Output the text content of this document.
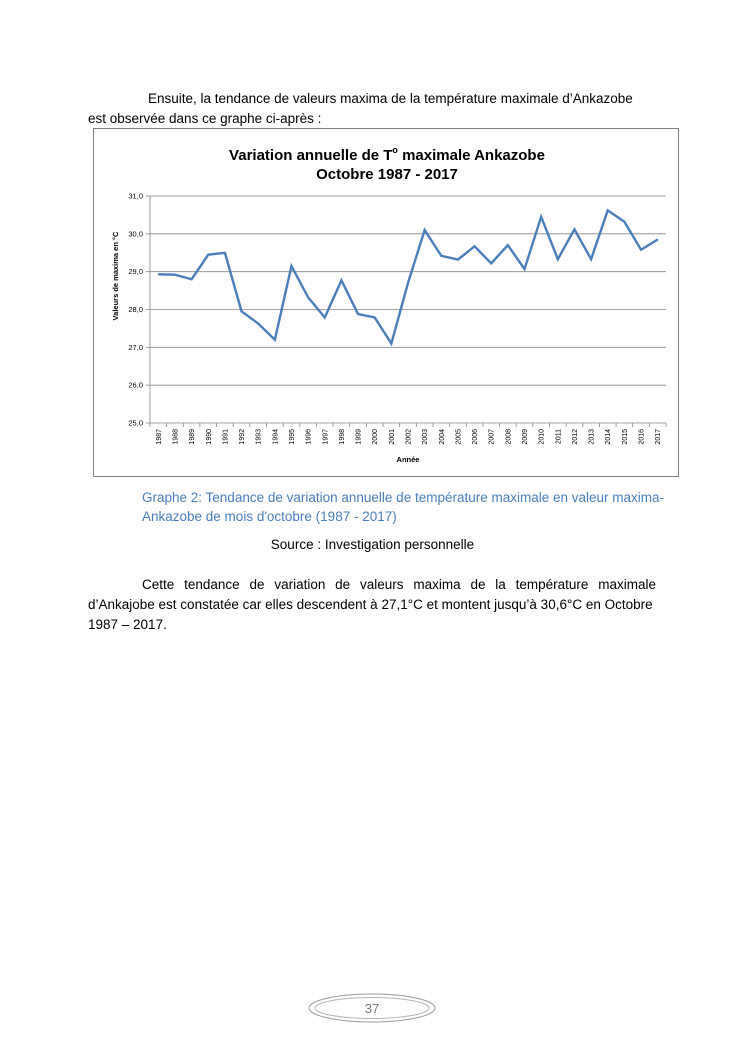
Ensuite, la tendance de valeurs maxima de la température maximale d’Ankazobe
est observée dans ce graphe ci-après :
Variation annuelle de $T^o$ maximale Ankazobe
Octobre 1987 - 2017
25,0
26,0
27,0
28,0
29,0
30,0
31,0
1987 1988 1989 1990 1991 1992 1993 1994 1995 1996 1997 1998 1999 2000 2001 2002 2003 2004 2005 2006 2007 2008 2009 2010 2011 2012 2013 2014 2015 2016 2017
Valeurs de maxima en °C
Année
Graphe 2: Tendance de variation annuelle de température maximale en valeur maxima-
Ankazobe de mois d'octobre (1987 - 2017)
Source : Investigation personnelle
Cette tendance de variation de valeurs maxima de la température maximale
d’Ankajobe est constatée car elles descendent à 27,1°C et montent jusqu’à 30,6°C en Octobre
1987 – 2017.
37
